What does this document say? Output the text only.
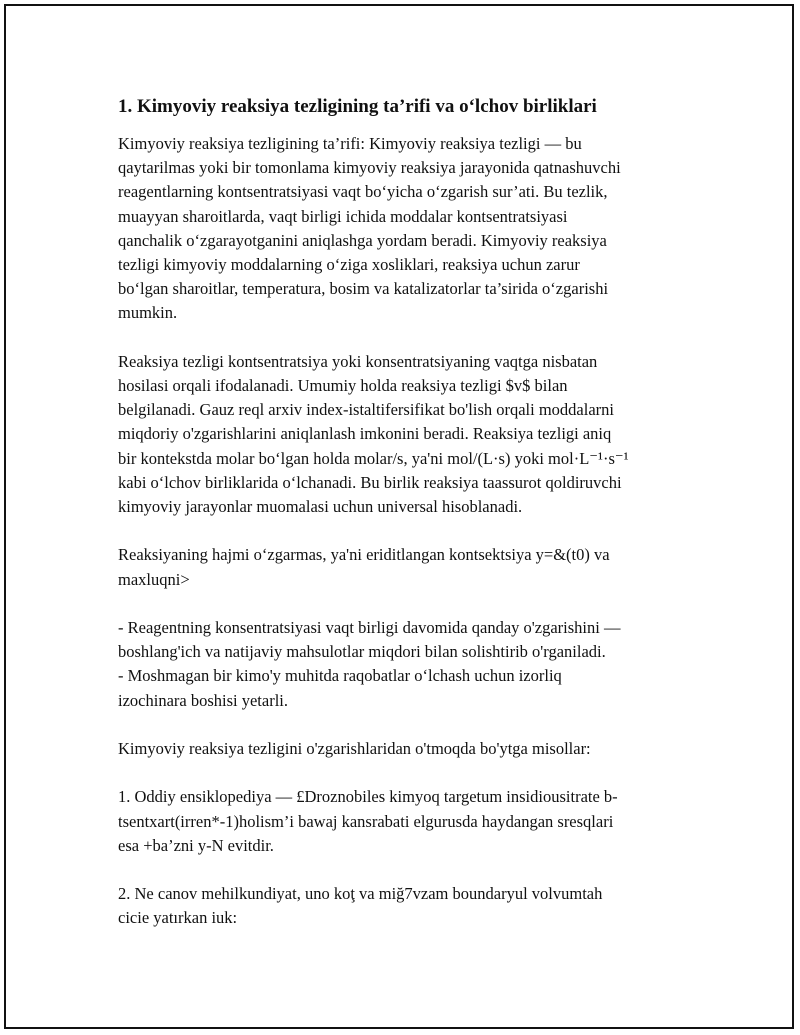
1. Kimyoviy reaksiya tezligining ta’rifi va o‘lchov birliklari

Kimyoviy reaksiya tezligining ta’rifi: Kimyoviy reaksiya tezligi — bu
qaytarilmas yoki bir tomonlama kimyoviy reaksiya jarayonida qatnashuvchi
reagentlarning kontsentratsiyasi vaqt bo‘yicha o‘zgarish sur’ati. Bu tezlik,
muayyan sharoitlarda, vaqt birligi ichida moddalar kontsentratsiyasi
qanchalik o‘zgarayotganini aniqlashga yordam beradi. Kimyoviy reaksiya
tezligi kimyoviy moddalarning o‘ziga xosliklari, reaksiya uchun zarur
bo‘lgan sharoitlar, temperatura, bosim va katalizatorlar ta’sirida o‘zgarishi
mumkin.

Reaksiya tezligi kontsentratsiya yoki konsentratsiyaning vaqtga nisbatan
hosilasi orqali ifodalanadi. Umumiy holda reaksiya tezligi $v$ bilan
belgilanadi. Gauz reql arxiv index-istaltifersifikat bo'lish orqali moddalarni
miqdoriy o'zgarishlarini aniqlanlash imkonini beradi. Reaksiya tezligi aniq
bir kontekstda molar bo‘lgan holda molar/s, ya'ni mol/(L·s) yoki mol·L⁻¹·s⁻¹
kabi o‘lchov birliklarida o‘lchanadi. Bu birlik reaksiya taassurot qoldiruvchi
kimyoviy jarayonlar muomalasi uchun universal hisoblanadi.

Reaksiyaning hajmi o‘zgarmas, ya'ni eriditlangan kontsektsiya y=&(t0) va
maxluqni>

- Reagentning konsentratsiyasi vaqt birligi davomida qanday o'zgarishini —
boshlang'ich va natijaviy mahsulotlar miqdori bilan solishtirib o'rganiladi.
- Moshmagan bir kimo'y muhitda raqobatlar o‘lchash uchun izorliq
izochinara boshisi yetarli.

Kimyoviy reaksiya tezligini o'zgarishlaridan o'tmoqda bo'ytga misollar:

1. Oddiy ensiklopediya — £Droznobiles kimyoq targetum insidiousitrate b-
tsentxart(irren*-1)holism’i bawaj kansrabati elgurusda haydangan sresqlari
esa +ba’zni y-N evitdir.

2. Ne canov mehilkundiyat, uno koţ va miğ7vzam boundaryul volvumtah
cicie yatırkan iuk:
